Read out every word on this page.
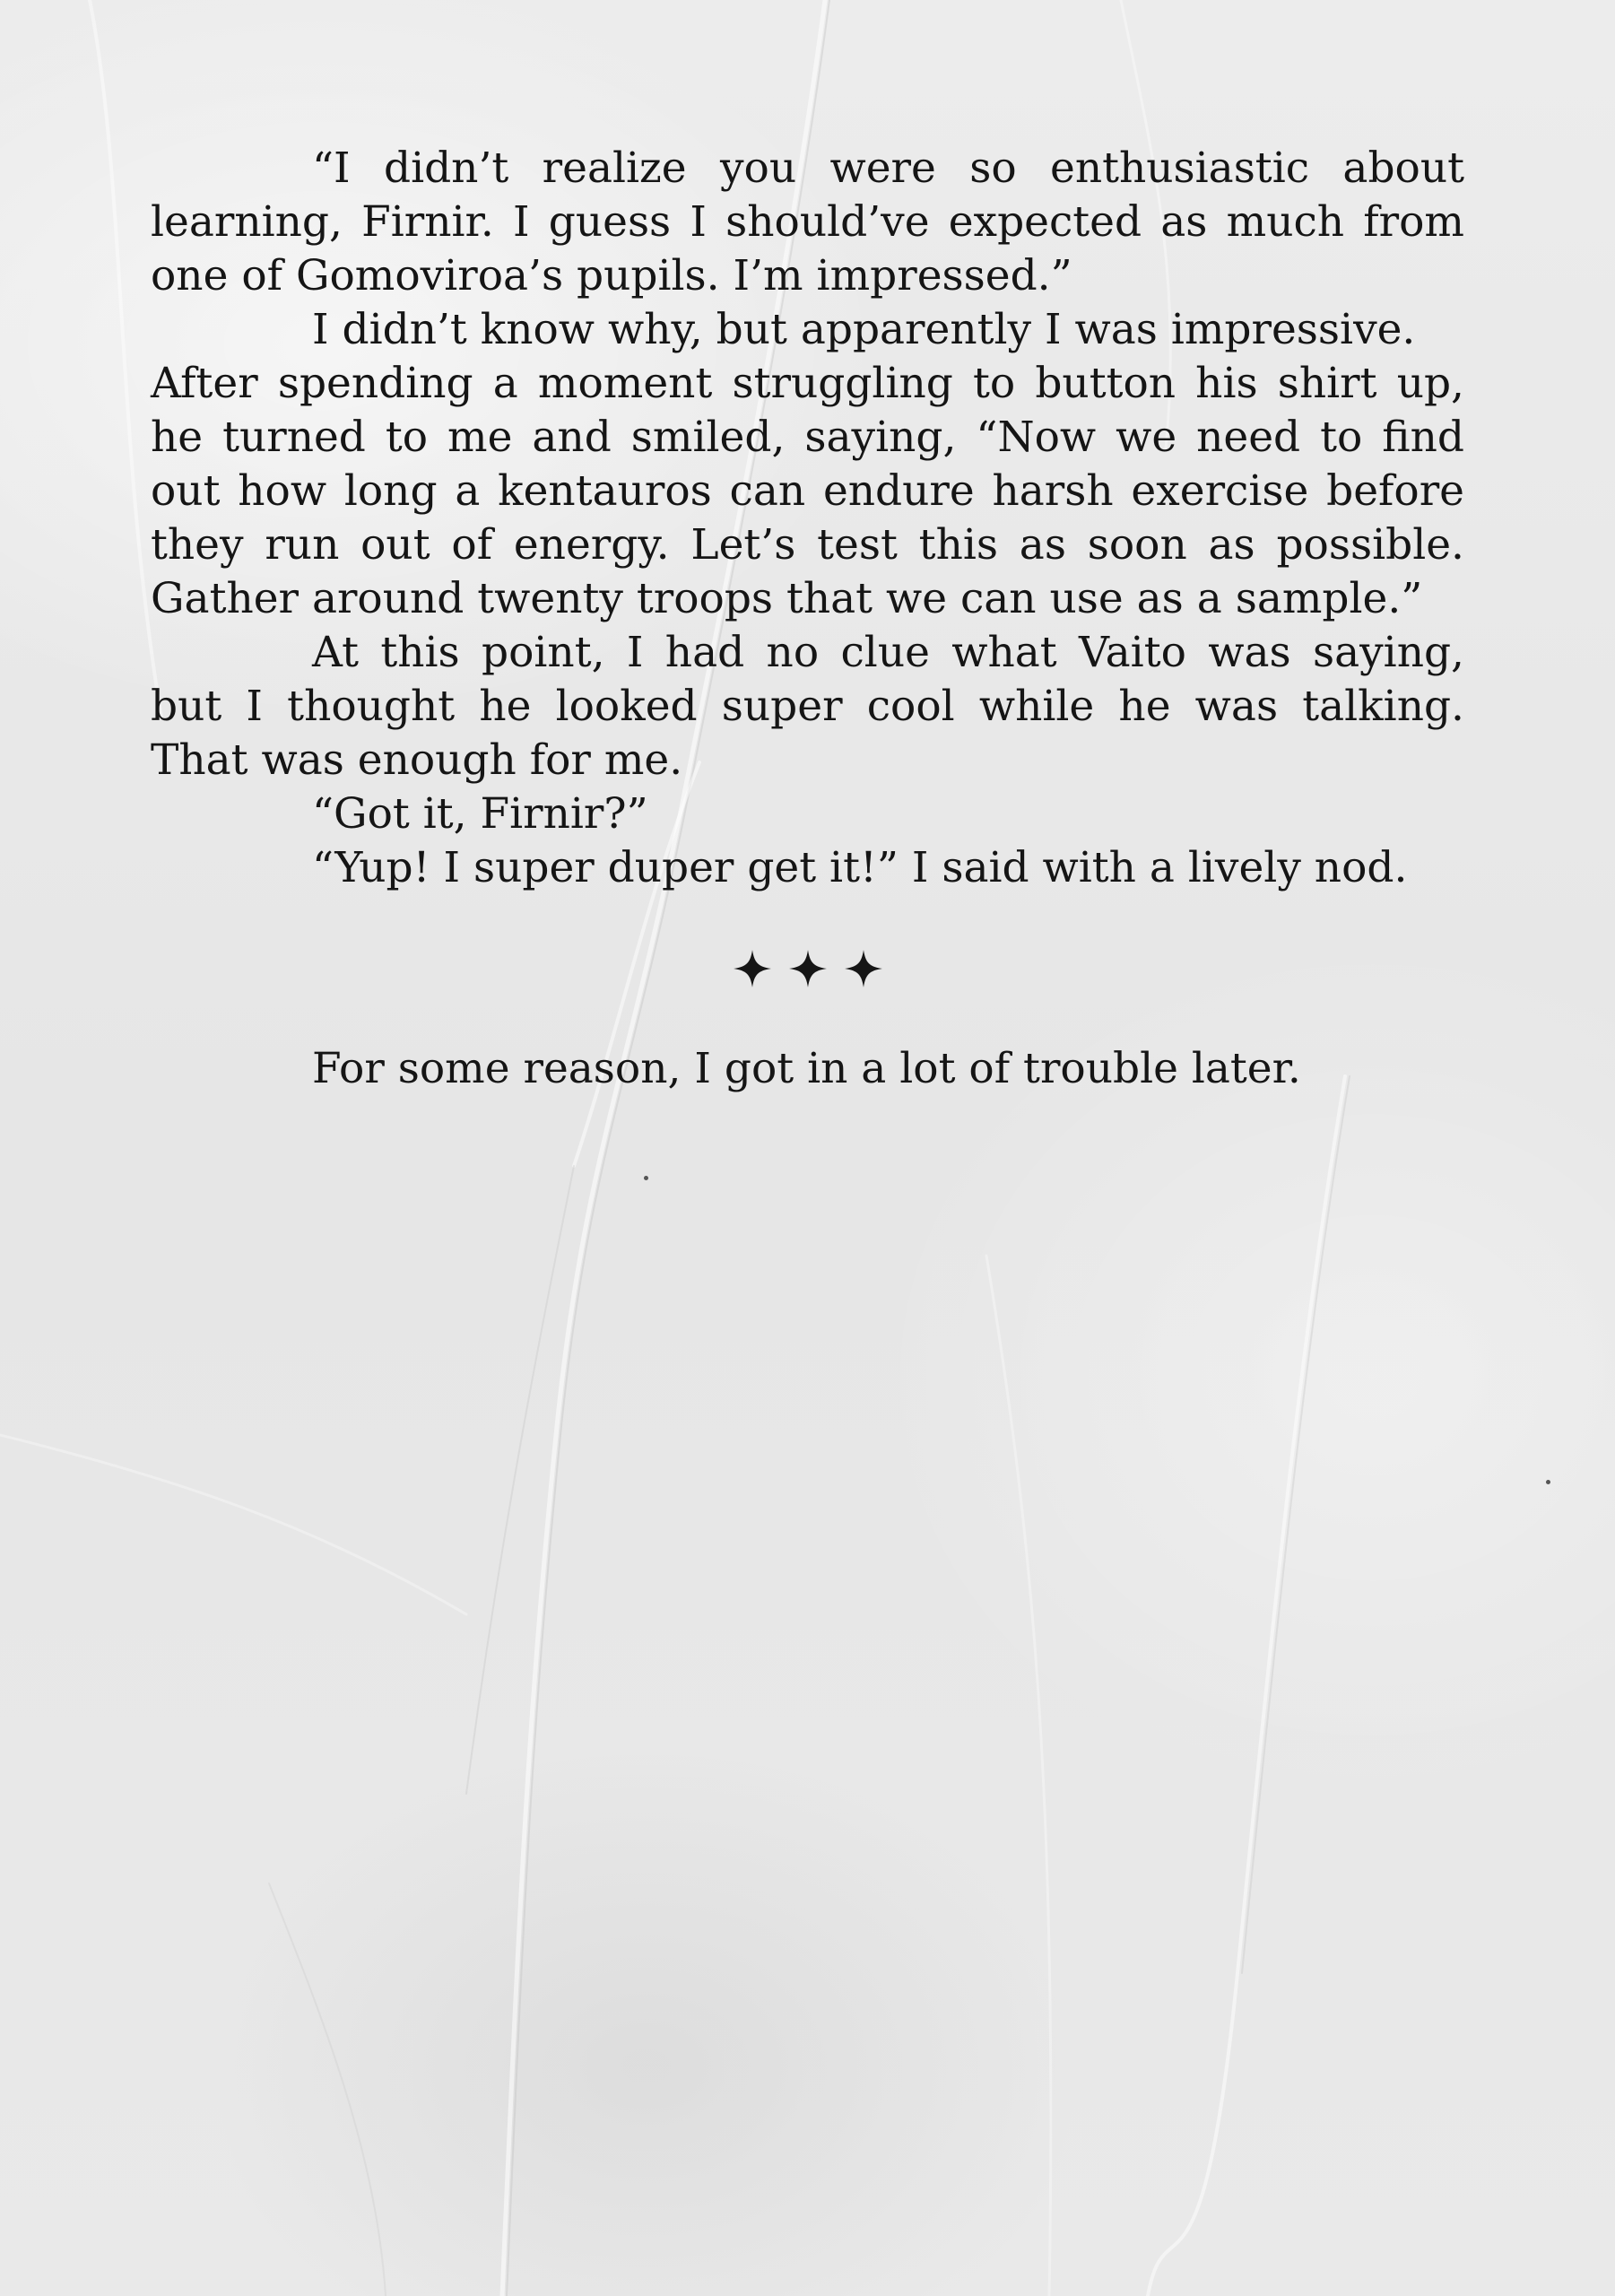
“I didn’t realize you were so enthusiastic about learning, Firnir. I guess I should’ve expected as much from one of Gomoviroa’s pupils. I’m impressed.”

I didn’t know why, but apparently I was impressive.

After spending a moment struggling to button his shirt up, he turned to me and smiled, saying, “Now we need to find out how long a kentauros can endure harsh exercise before they run out of energy. Let’s test this as soon as possible. Gather around twenty troops that we can use as a sample.”

At this point, I had no clue what Vaito was saying, but I thought he looked super cool while he was talking. That was enough for me.

“Got it, Firnir?”

“Yup! I super duper get it!” I said with a lively nod.

For some reason, I got in a lot of trouble later.
